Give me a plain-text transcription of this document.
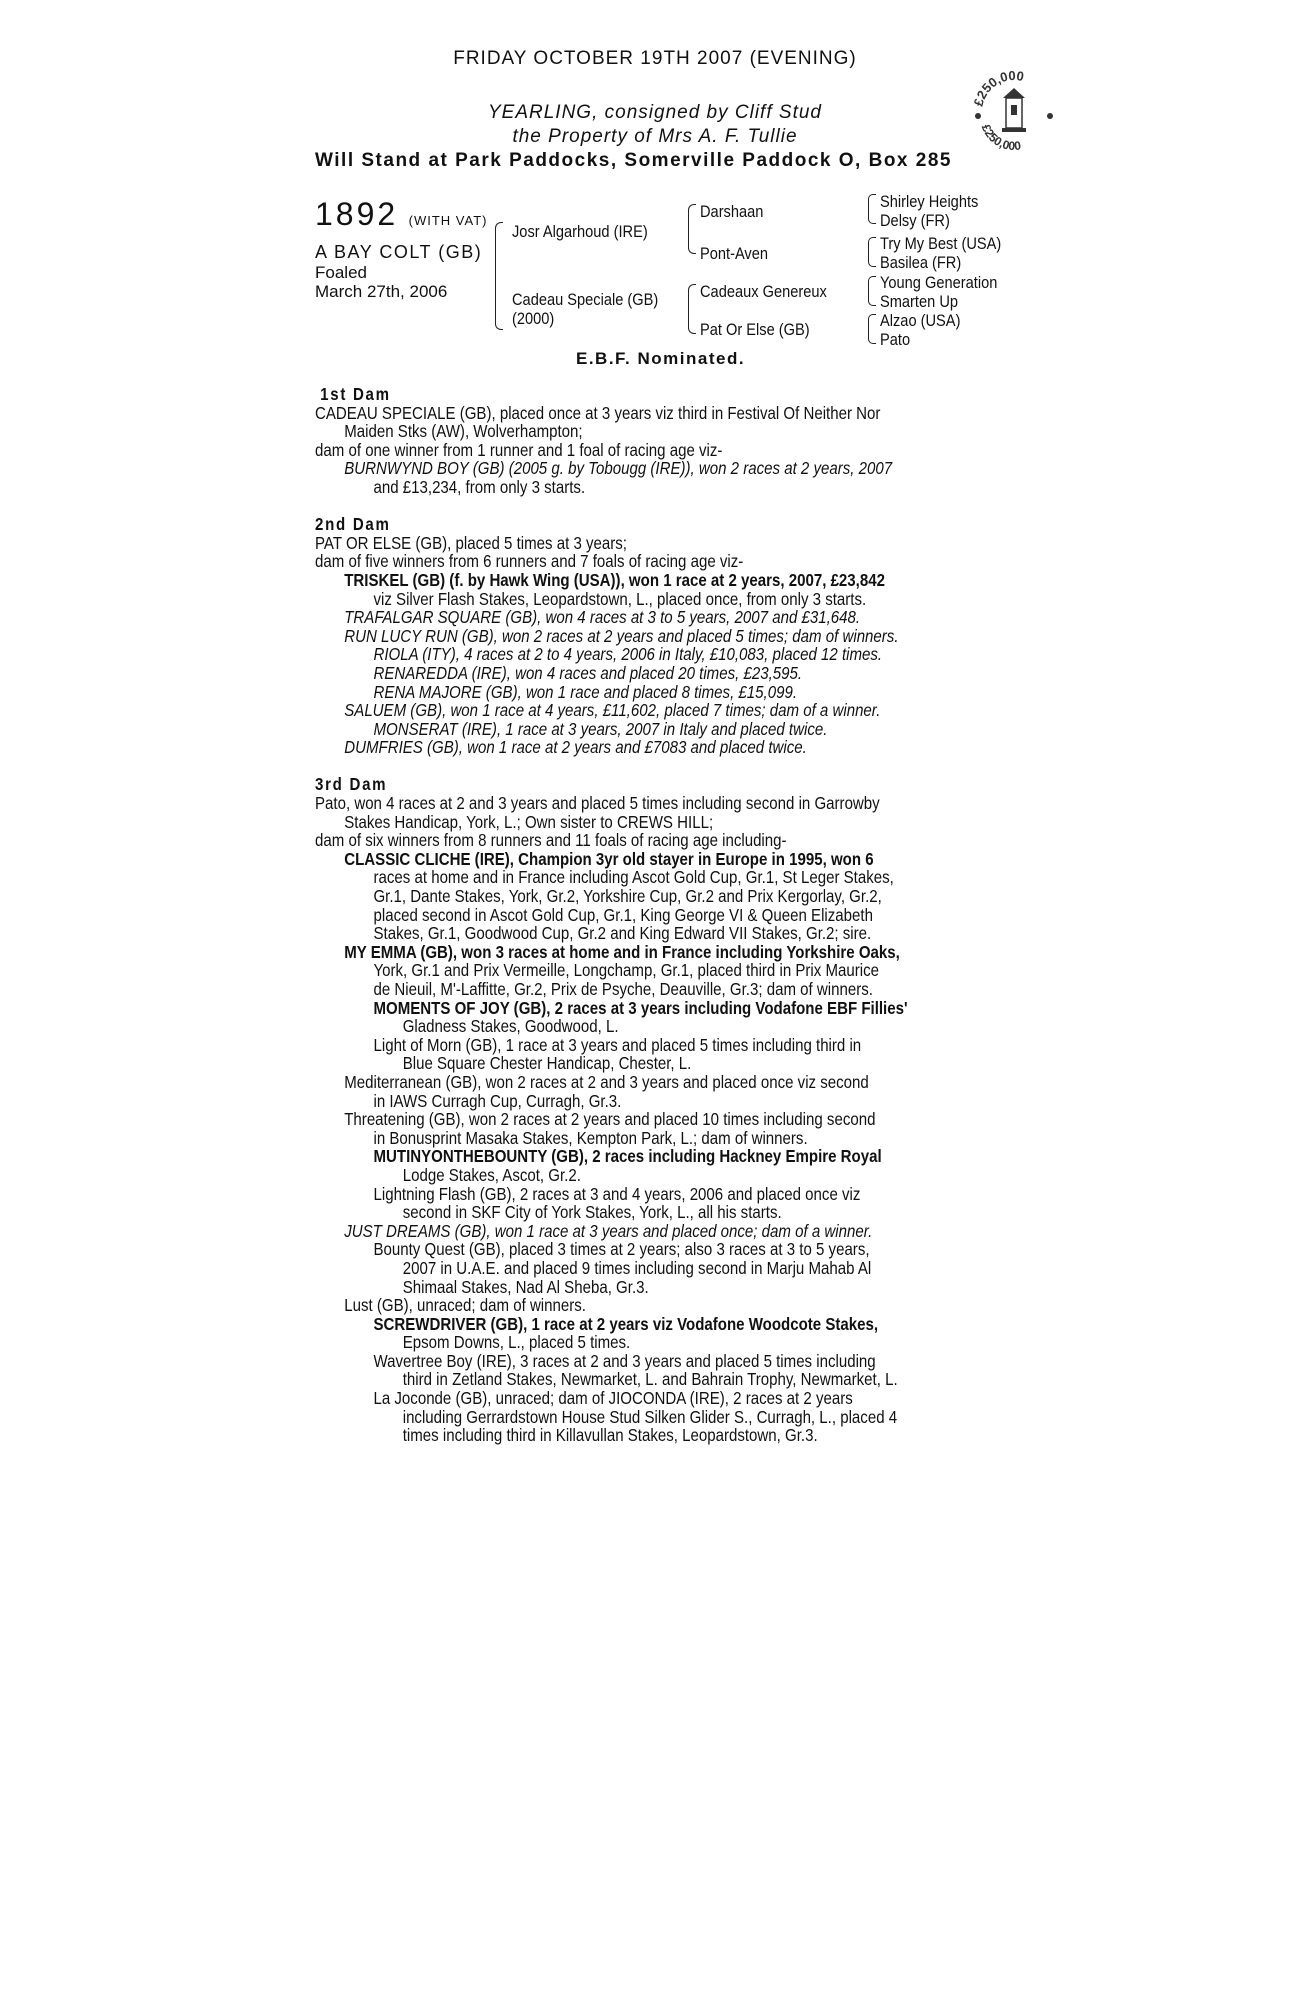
FRIDAY OCTOBER 19TH 2007 (EVENING)
YEARLING, consigned by Cliff Stud
the Property of Mrs A. F. Tullie
Will Stand at Park Paddocks, Somerville Paddock O, Box 285
£250,000
£250,000
1892 (WITH VAT)
A BAY COLT (GB)
Foaled
March 27th, 2006
Josr Algarhoud (IRE)
Cadeau Speciale (GB)
(2000)
Darshaan
Pont-Aven
Cadeaux Genereux
Pat Or Else (GB)
Shirley Heights
Delsy (FR)
Try My Best (USA)
Basilea (FR)
Young Generation
Smarten Up
Alzao (USA)
Pato
E.B.F. Nominated.
1st Dam
CADEAU SPECIALE (GB), placed once at 3 years viz third in Festival Of Neither Nor
Maiden Stks (AW), Wolverhampton;
dam of one winner from 1 runner and 1 foal of racing age viz-
BURNWYND BOY (GB) (2005 g. by Tobougg (IRE)), won 2 races at 2 years, 2007
and £13,234, from only 3 starts.
2nd Dam
PAT OR ELSE (GB), placed 5 times at 3 years;
dam of five winners from 6 runners and 7 foals of racing age viz-
TRISKEL (GB) (f. by Hawk Wing (USA)), won 1 race at 2 years, 2007, £23,842
viz Silver Flash Stakes, Leopardstown, L., placed once, from only 3 starts.
TRAFALGAR SQUARE (GB), won 4 races at 3 to 5 years, 2007 and £31,648.
RUN LUCY RUN (GB), won 2 races at 2 years and placed 5 times; dam of winners.
RIOLA (ITY), 4 races at 2 to 4 years, 2006 in Italy, £10,083, placed 12 times.
RENAREDDA (IRE), won 4 races and placed 20 times, £23,595.
RENA MAJORE (GB), won 1 race and placed 8 times, £15,099.
SALUEM (GB), won 1 race at 4 years, £11,602, placed 7 times; dam of a winner.
MONSERAT (IRE), 1 race at 3 years, 2007 in Italy and placed twice.
DUMFRIES (GB), won 1 race at 2 years and £7083 and placed twice.
3rd Dam
Pato, won 4 races at 2 and 3 years and placed 5 times including second in Garrowby
Stakes Handicap, York, L.; Own sister to CREWS HILL;
dam of six winners from 8 runners and 11 foals of racing age including-
CLASSIC CLICHE (IRE), Champion 3yr old stayer in Europe in 1995, won 6
races at home and in France including Ascot Gold Cup, Gr.1, St Leger Stakes,
Gr.1, Dante Stakes, York, Gr.2, Yorkshire Cup, Gr.2 and Prix Kergorlay, Gr.2,
placed second in Ascot Gold Cup, Gr.1, King George VI & Queen Elizabeth
Stakes, Gr.1, Goodwood Cup, Gr.2 and King Edward VII Stakes, Gr.2; sire.
MY EMMA (GB), won 3 races at home and in France including Yorkshire Oaks,
York, Gr.1 and Prix Vermeille, Longchamp, Gr.1, placed third in Prix Maurice
de Nieuil, M'-Laffitte, Gr.2, Prix de Psyche, Deauville, Gr.3; dam of winners.
MOMENTS OF JOY (GB), 2 races at 3 years including Vodafone EBF Fillies'
Gladness Stakes, Goodwood, L.
Light of Morn (GB), 1 race at 3 years and placed 5 times including third in
Blue Square Chester Handicap, Chester, L.
Mediterranean (GB), won 2 races at 2 and 3 years and placed once viz second
in IAWS Curragh Cup, Curragh, Gr.3.
Threatening (GB), won 2 races at 2 years and placed 10 times including second
in Bonusprint Masaka Stakes, Kempton Park, L.; dam of winners.
MUTINYONTHEBOUNTY (GB), 2 races including Hackney Empire Royal
Lodge Stakes, Ascot, Gr.2.
Lightning Flash (GB), 2 races at 3 and 4 years, 2006 and placed once viz
second in SKF City of York Stakes, York, L., all his starts.
JUST DREAMS (GB), won 1 race at 3 years and placed once; dam of a winner.
Bounty Quest (GB), placed 3 times at 2 years; also 3 races at 3 to 5 years,
2007 in U.A.E. and placed 9 times including second in Marju Mahab Al
Shimaal Stakes, Nad Al Sheba, Gr.3.
Lust (GB), unraced; dam of winners.
SCREWDRIVER (GB), 1 race at 2 years viz Vodafone Woodcote Stakes,
Epsom Downs, L., placed 5 times.
Wavertree Boy (IRE), 3 races at 2 and 3 years and placed 5 times including
third in Zetland Stakes, Newmarket, L. and Bahrain Trophy, Newmarket, L.
La Joconde (GB), unraced; dam of JIOCONDA (IRE), 2 races at 2 years
including Gerrardstown House Stud Silken Glider S., Curragh, L., placed 4
times including third in Killavullan Stakes, Leopardstown, Gr.3.
